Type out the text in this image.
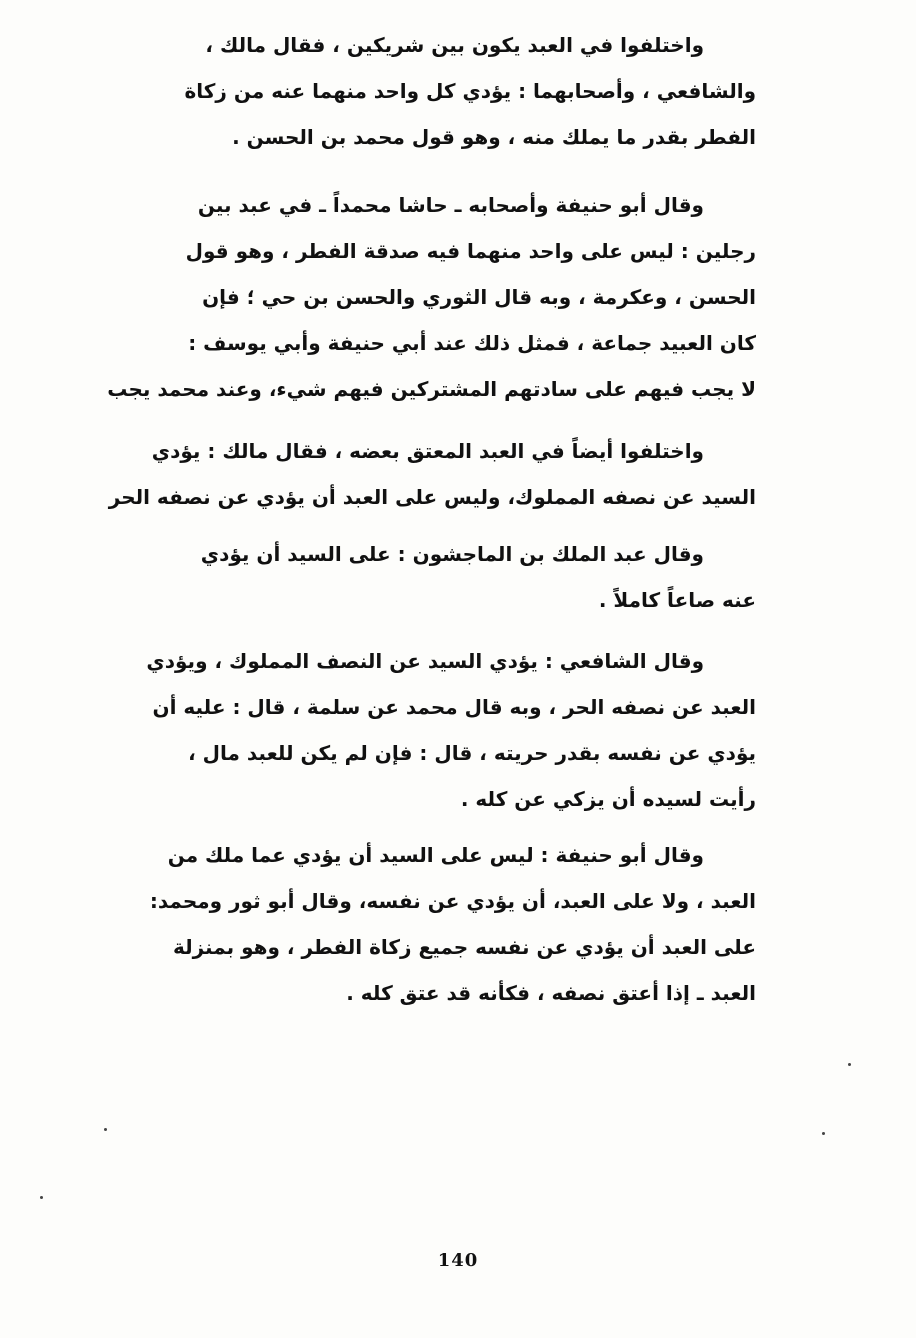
واختلفوا في العبد يكون بين شريكين ، فقال مالك ،
والشافعي ، وأصحابهما : يؤدي كل واحد منهما عنه من زكاة
الفطر بقدر ما يملك منه ، وهو قول محمد بن الحسن .
وقال أبو حنيفة وأصحابه ـ حاشا محمداً ـ في عبد بين
رجلين : ليس على واحد منهما فيه صدقة الفطر ، وهو قول
الحسن ، وعكرمة ، وبه قال الثوري والحسن بن حي ؛ فإن
كان العبيد جماعة ، فمثل ذلك عند أبي حنيفة وأبي يوسف :
لا يجب فيهم على سادتهم المشتركين فيهم شيء، وعند محمد يجب
واختلفوا أيضاً في العبد المعتق بعضه ، فقال مالك : يؤدي
السيد عن نصفه المملوك، وليس على العبد أن يؤدي عن نصفه الحر
وقال عبد الملك بن الماجشون : على السيد أن يؤدي
عنه صاعاً كاملاً .
وقال الشافعي : يؤدي السيد عن النصف المملوك ، ويؤدي
العبد عن نصفه الحر ، وبه قال محمد عن سلمة ، قال : عليه أن
يؤدي عن نفسه بقدر حريته ، قال : فإن لم يكن للعبد مال ،
رأيت لسيده أن يزكي عن كله .
وقال أبو حنيفة : ليس على السيد أن يؤدي عما ملك من
العبد ، ولا على العبد، أن يؤدي عن نفسه، وقال أبو ثور ومحمد:
على العبد أن يؤدي عن نفسه جميع زكاة الفطر ، وهو بمنزلة
العبد ـ إذا أعتق نصفه ، فكأنه قد عتق كله .
140
